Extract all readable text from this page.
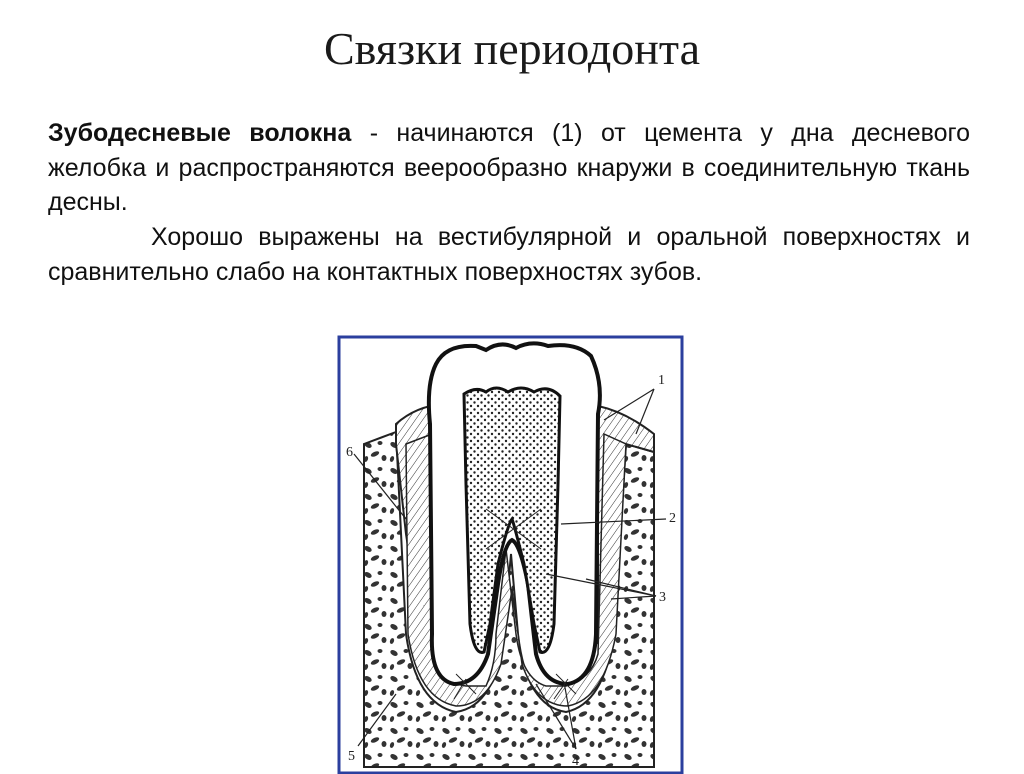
Связки периодонта

Зубодесневые волокна - начинаются (1) от цемента у дна десневого желобка и распространяются веерообразно кнаружи в соединительную ткань десны.

Хорошо выражены на вестибулярной и оральной поверхностях и сравнительно слабо на контактных поверхностях зубов.

1
2
3
4
5
6
